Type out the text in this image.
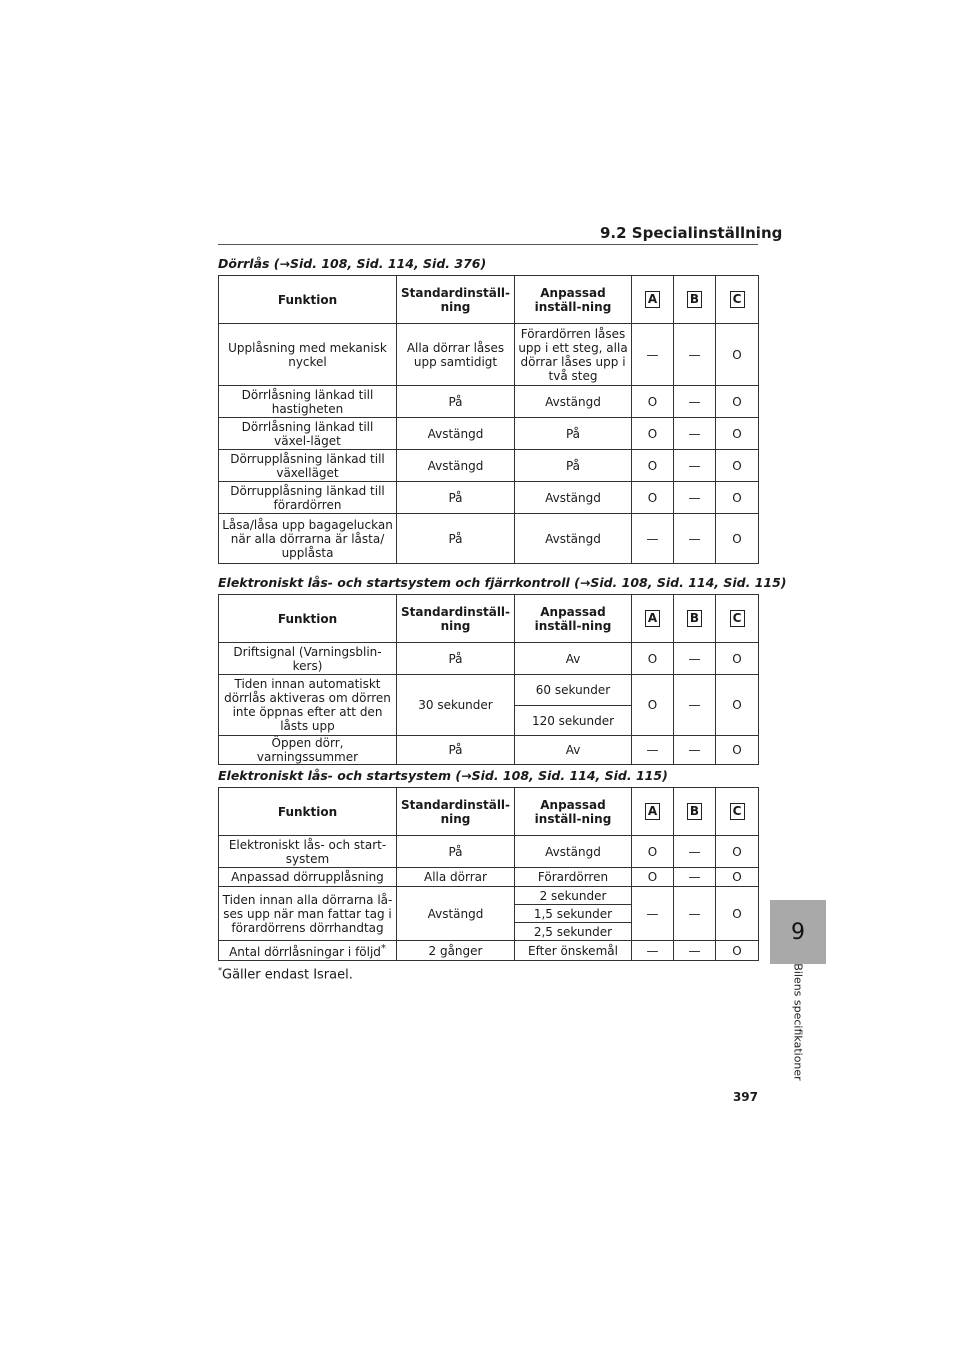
9.2 Specialinställning
Dörrlås (→Sid. 108, Sid. 114, Sid. 376)
Funktion	Standardinställ-ning	Anpassad inställ-ning	A	B	C
Upplåsning med mekanisk nyckel	Alla dörrar låses upp samtidigt	Förardörren låses upp i ett steg, alla dörrar låses upp i två steg	—	—	O
Dörrlåsning länkad till hastigheten	På	Avstängd	O	—	O
Dörrlåsning länkad till växel-läget	Avstängd	På	O	—	O
Dörrupplåsning länkad till växelläget	Avstängd	På	O	—	O
Dörrupplåsning länkad till förardörren	På	Avstängd	O	—	O
Låsa/låsa upp bagageluckan när alla dörrarna är låsta/ upplåsta	På	Avstängd	—	—	O
Elektroniskt lås- och startsystem och fjärrkontroll (→Sid. 108, Sid. 114, Sid. 115)
Funktion	Standardinställ-ning	Anpassad inställ-ning	A	B	C
Driftsignal (Varningsblin-kers)	På	Av	O	—	O
Tiden innan automatiskt dörrlås aktiveras om dörren inte öppnas efter att den låsts upp	30 sekunder	60 sekunder	O	—	O
		120 sekunder			
Öppen dörr, varningssummer	På	Av	—	—	O
Elektroniskt lås- och startsystem (→Sid. 108, Sid. 114, Sid. 115)
Funktion	Standardinställ-ning	Anpassad inställ-ning	A	B	C
Elektroniskt lås- och start-system	På	Avstängd	O	—	O
Anpassad dörrupplåsning	Alla dörrar	Förardörren	O	—	O
Tiden innan alla dörrarna lå-ses upp när man fattar tag i förardörrens dörrhandtag	Avstängd	2 sekunder	—	—	O
		1,5 sekunder			
		2,5 sekunder			
Antal dörrlåsningar i följd*	2 gånger	Efter önskemål	—	—	O
*Gäller endast Israel.
9
Bilens specifikationer
397
